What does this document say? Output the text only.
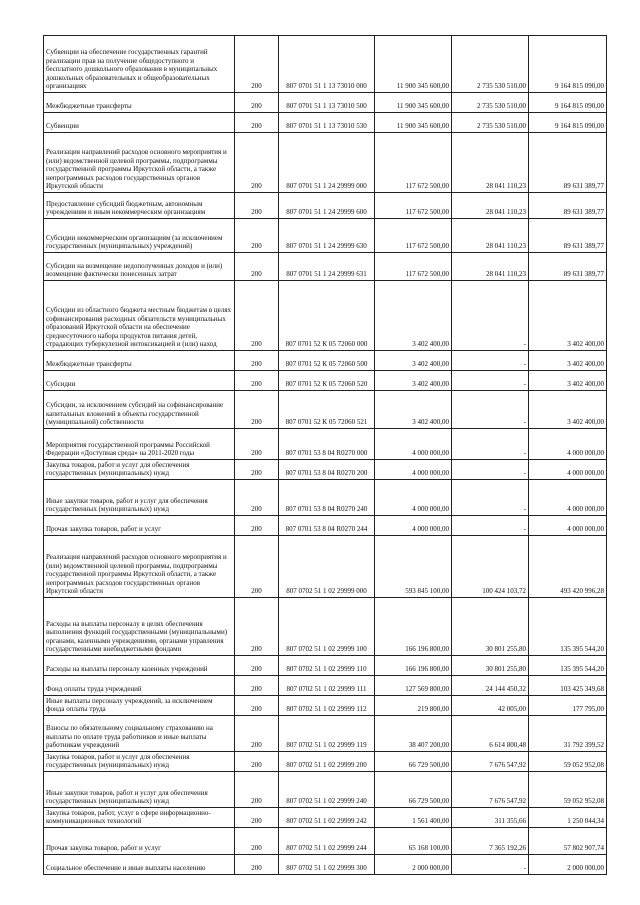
Субвенции на обеспечение государственных гарантий реализации прав на получение общедоступного и бесплатного дошкольного образования в муниципальных дошкольных образовательных и общеобразовательных организациях	200	807 0701 51 1 13 73010 000	11 900 345 600,00	2 735 530 510,00	9 164 815 090,00
Межбюджетные трансферты	200	807 0701 51 1 13 73010 500	11 900 345 600,00	2 735 530 510,00	9 164 815 090,00
Субвенции	200	807 0701 51 1 13 73010 530	11 900 345 600,00	2 735 530 510,00	9 164 815 090,00
Реализация направлений расходов основного мероприятия и (или) ведомственной целевой программы, подпрограммы государственной программы Иркутской области, а также непрограммных расходов государственных органов Иркутской области	200	807 0701 51 1 24 29999 000	117 672 500,00	28 041 110,23	89 631 389,77
Предоставление субсидий бюджетным, автономным учреждениям и иным некоммерческим организациям	200	807 0701 51 1 24 29999 600	117 672 500,00	28 041 110,23	89 631 389,77
Субсидии некоммерческим организациям (за исключением государственных (муниципальных) учреждений)	200	807 0701 51 1 24 29999 630	117 672 500,00	28 041 110,23	89 631 389,77
Субсидии на возмещение недополученных доходов и (или) возмещение фактически понесенных затрат	200	807 0701 51 1 24 29999 631	117 672 500,00	28 041 110,23	89 631 389,77
Субсидии из областного бюджета местным бюджетам в целях софинансирования расходных обязательств муниципальных образований Иркутской области на обеспечение среднесуточного набора продуктов питания детей, страдающих туберкулезной интоксикацией и (или) наход	200	807 0701 52 К 05 72060 000	3 402 400,00	-	3 402 400,00
Межбюджетные трансферты	200	807 0701 52 К 05 72060 500	3 402 400,00	-	3 402 400,00
Субсидии	200	807 0701 52 К 05 72060 520	3 402 400,00	-	3 402 400,00
Субсидии, за исключением субсидий на софинансирование капитальных вложений в объекты государственной (муниципальной) собственности	200	807 0701 52 К 05 72060 521	3 402 400,00	-	3 402 400,00
Мероприятия государственной программы Российской Федерации «Доступная среда» на 2011-2020 годы	200	807 0701 53 8 04 R0270 000	4 000 000,00	-	4 000 000,00
Закупка товаров, работ и услуг для обеспечения государственных (муниципальных) нужд	200	807 0701 53 8 04 R0270 200	4 000 000,00	-	4 000 000,00
Иные закупки товаров, работ и услуг для обеспечения государственных (муниципальных) нужд	200	807 0701 53 8 04 R0270 240	4 000 000,00	-	4 000 000,00
Прочая закупка товаров, работ и услуг	200	807 0701 53 8 04 R0270 244	4 000 000,00	-	4 000 000,00
Реализация направлений расходов основного мероприятия и (или) ведомственной целевой программы, подпрограммы государственной программы Иркутской области, а также непрограммных расходов государственных органов Иркутской области	200	807 0702 51 1 02 29999 000	593 845 100,00	100 424 103,72	493 420 996,28
Расходы на выплаты персоналу в целях обеспечения выполнения функций государственными (муниципальными) органами, казенными учреждениями, органами управления государственными внебюджетными фондами	200	807 0702 51 1 02 29999 100	166 196 800,00	30 801 255,80	135 395 544,20
Расходы на выплаты персоналу казенных учреждений	200	807 0702 51 1 02 29999 110	166 196 800,00	30 801 255,80	135 395 544,20
Фонд оплаты труда учреждений	200	807 0702 51 1 02 29999 111	127 569 800,00	24 144 450,32	103 425 349,68
Иные выплаты персоналу учреждений, за исключением фонда оплаты труда	200	807 0702 51 1 02 29999 112	219 800,00	42 005,00	177 795,00
Взносы по обязательному социальному страхованию на выплаты по оплате труда работников и иные выплаты работникам учреждений	200	807 0702 51 1 02 29999 119	38 407 200,00	6 614 800,48	31 792 399,52
Закупка товаров, работ и услуг для обеспечения государственных (муниципальных) нужд	200	807 0702 51 1 02 29999 200	66 729 500,00	7 676 547,92	59 052 952,08
Иные закупки товаров, работ и услуг для обеспечения государственных (муниципальных) нужд	200	807 0702 51 1 02 29999 240	66 729 500,00	7 676 547,92	59 052 952,08
Закупка товаров, работ, услуг в сфере информационно-коммуникационных технологий	200	807 0702 51 1 02 29999 242	1 561 400,00	311 355,66	1 250 044,34
Прочая закупка товаров, работ и услуг	200	807 0702 51 1 02 29999 244	65 168 100,00	7 365 192,26	57 802 907,74
Социальное обеспечение и иные выплаты населению	200	807 0702 51 1 02 29999 300	2 000 000,00	-	2 000 000,00
